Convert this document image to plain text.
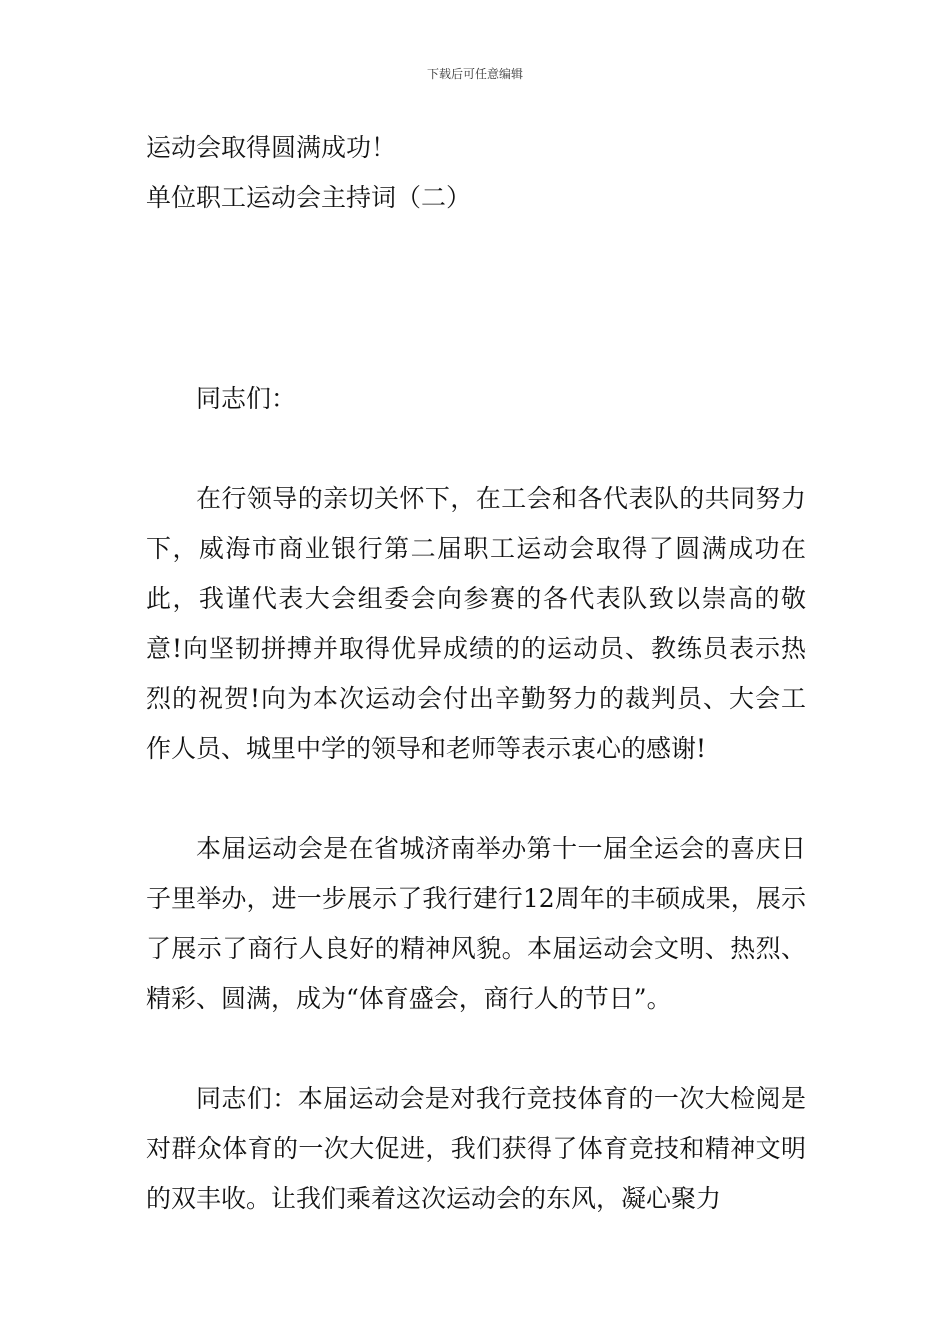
下载后可任意编辑
运动会取得圆满成功！
单位职工运动会主持词（二）

同志们：

在行领导的亲切关怀下，在工会和各代表队的共同努力下，威海市商业银行第二届职工运动会取得了圆满成功在此，我谨代表大会组委会向参赛的各代表队致以崇高的敬意!向坚韧拼搏并取得优异成绩的的运动员、教练员表示热烈的祝贺!向为本次运动会付出辛勤努力的裁判员、大会工作人员、城里中学的领导和老师等表示衷心的感谢!

本届运动会是在省城济南举办第十一届全运会的喜庆日子里举办，进一步展示了我行建行12周年的丰硕成果，展示了展示了商行人良好的精神风貌。本届运动会文明、热烈、精彩、圆满，成为“体育盛会，商行人的节日”。

同志们：本届运动会是对我行竞技体育的一次大检阅是对群众体育的一次大促进，我们获得了体育竞技和精神文明的双丰收。让我们乘着这次运动会的东风，凝心聚力
